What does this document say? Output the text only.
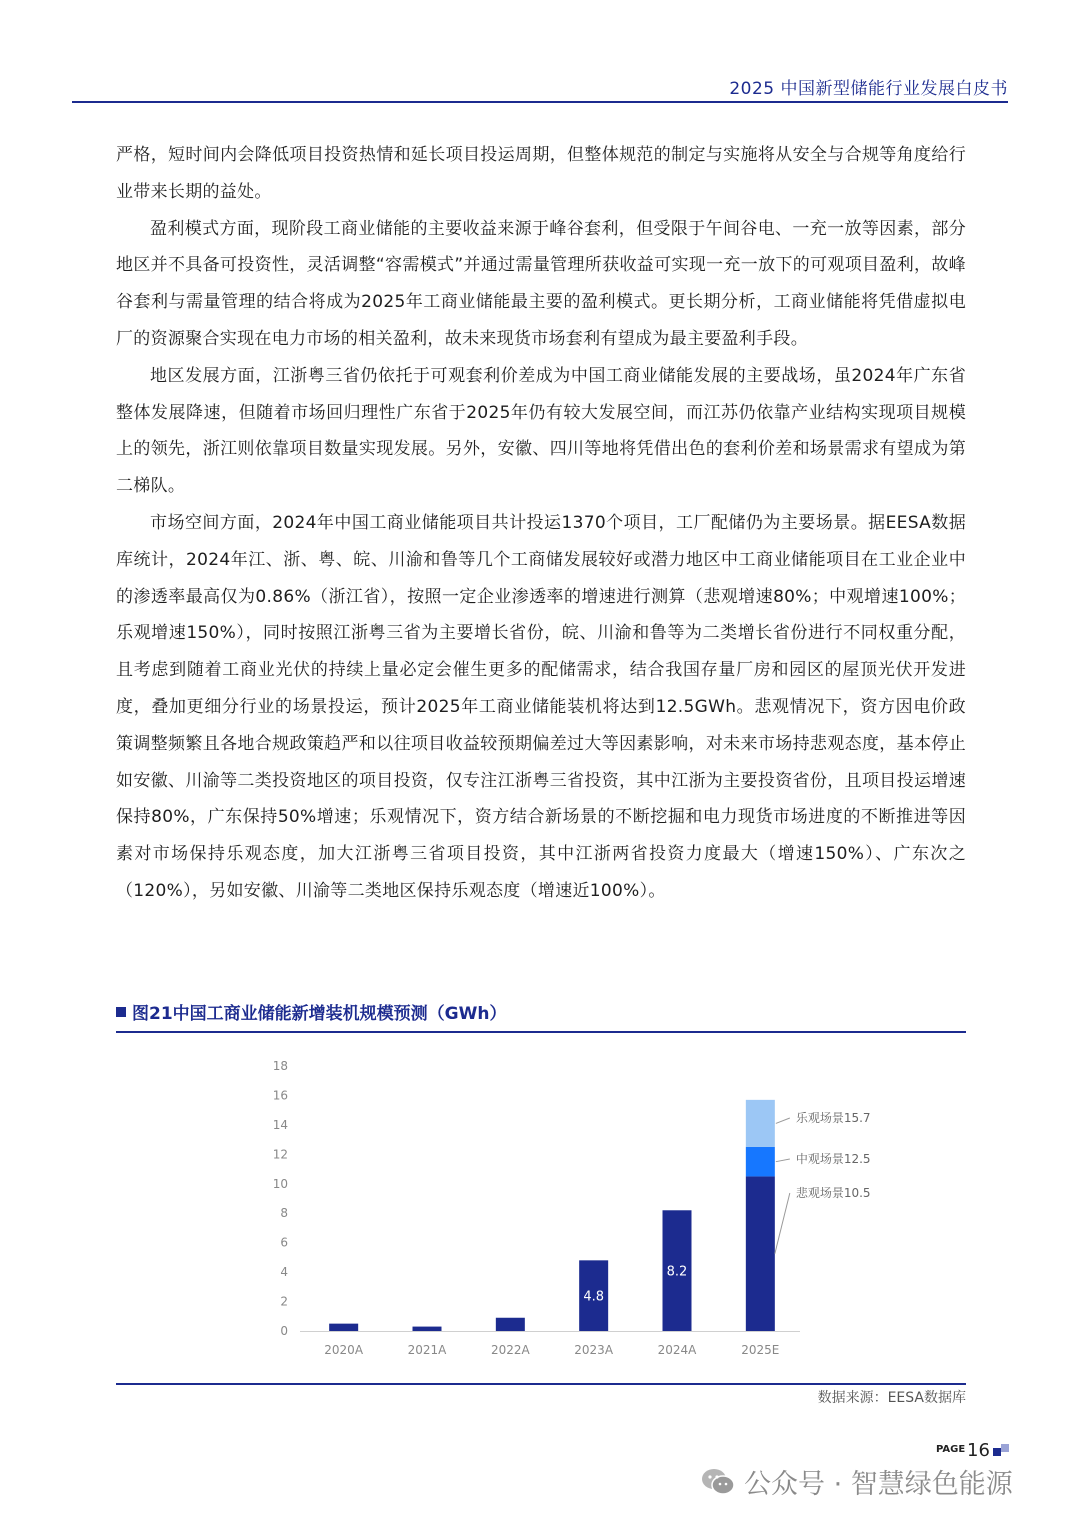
2025 中国新型储能行业发展白皮书

严格，短时间内会降低项目投资热情和延长项目投运周期，但整体规范的制定与实施将从安全与合规等角度给行业带来长期的益处。

盈利模式方面，现阶段工商业储能的主要收益来源于峰谷套利，但受限于午间谷电、一充一放等因素，部分地区并不具备可投资性，灵活调整“容需模式”并通过需量管理所获收益可实现一充一放下的可观项目盈利，故峰谷套利与需量管理的结合将成为2025年工商业储能最主要的盈利模式。更长期分析，工商业储能将凭借虚拟电厂的资源聚合实现在电力市场的相关盈利，故未来现货市场套利有望成为最主要盈利手段。

地区发展方面，江浙粤三省仍依托于可观套利价差成为中国工商业储能发展的主要战场，虽2024年广东省整体发展降速，但随着市场回归理性广东省于2025年仍有较大发展空间，而江苏仍依靠产业结构实现项目规模上的领先，浙江则依靠项目数量实现发展。另外，安徽、四川等地将凭借出色的套利价差和场景需求有望成为第二梯队。

市场空间方面，2024年中国工商业储能项目共计投运1370个项目，工厂配储仍为主要场景。据EESA数据库统计，2024年江、浙、粤、皖、川渝和鲁等几个工商储发展较好或潜力地区中工商业储能项目在工业企业中的渗透率最高仅为0.86%（浙江省），按照一定企业渗透率的增速进行测算（悲观增速80%；中观增速100%；乐观增速150%），同时按照江浙粤三省为主要增长省份，皖、川渝和鲁等为二类增长省份进行不同权重分配，且考虑到随着工商业光伏的持续上量必定会催生更多的配储需求，结合我国存量厂房和园区的屋顶光伏开发进度，叠加更细分行业的场景投运，预计2025年工商业储能装机将达到12.5GWh。悲观情况下，资方因电价政策调整频繁且各地合规政策趋严和以往项目收益较预期偏差过大等因素影响，对未来市场持悲观态度，基本停止如安徽、川渝等二类投资地区的项目投资，仅专注江浙粤三省投资，其中江浙为主要投资省份，且项目投运增速保持80%，广东保持50%增速；乐观情况下，资方结合新场景的不断挖掘和电力现货市场进度的不断推进等因素对市场保持乐观态度，加大江浙粤三省项目投资，其中江浙两省投资力度最大（增速150%）、广东次之（120%），另如安徽、川渝等二类地区保持乐观态度（增速近100%）。

图21中国工商业储能新增装机规模预测（GWh）
0
2
4
6
8
10
12
14
16
18
2020A	2021A	2022A
4.8
2023A
8.2
2024A	2025E
乐观场景15.7
中观场景12.5
悲观场景10.5
数据来源：EESA数据库
PAGE 16
公众号 · 智慧绿色能源
